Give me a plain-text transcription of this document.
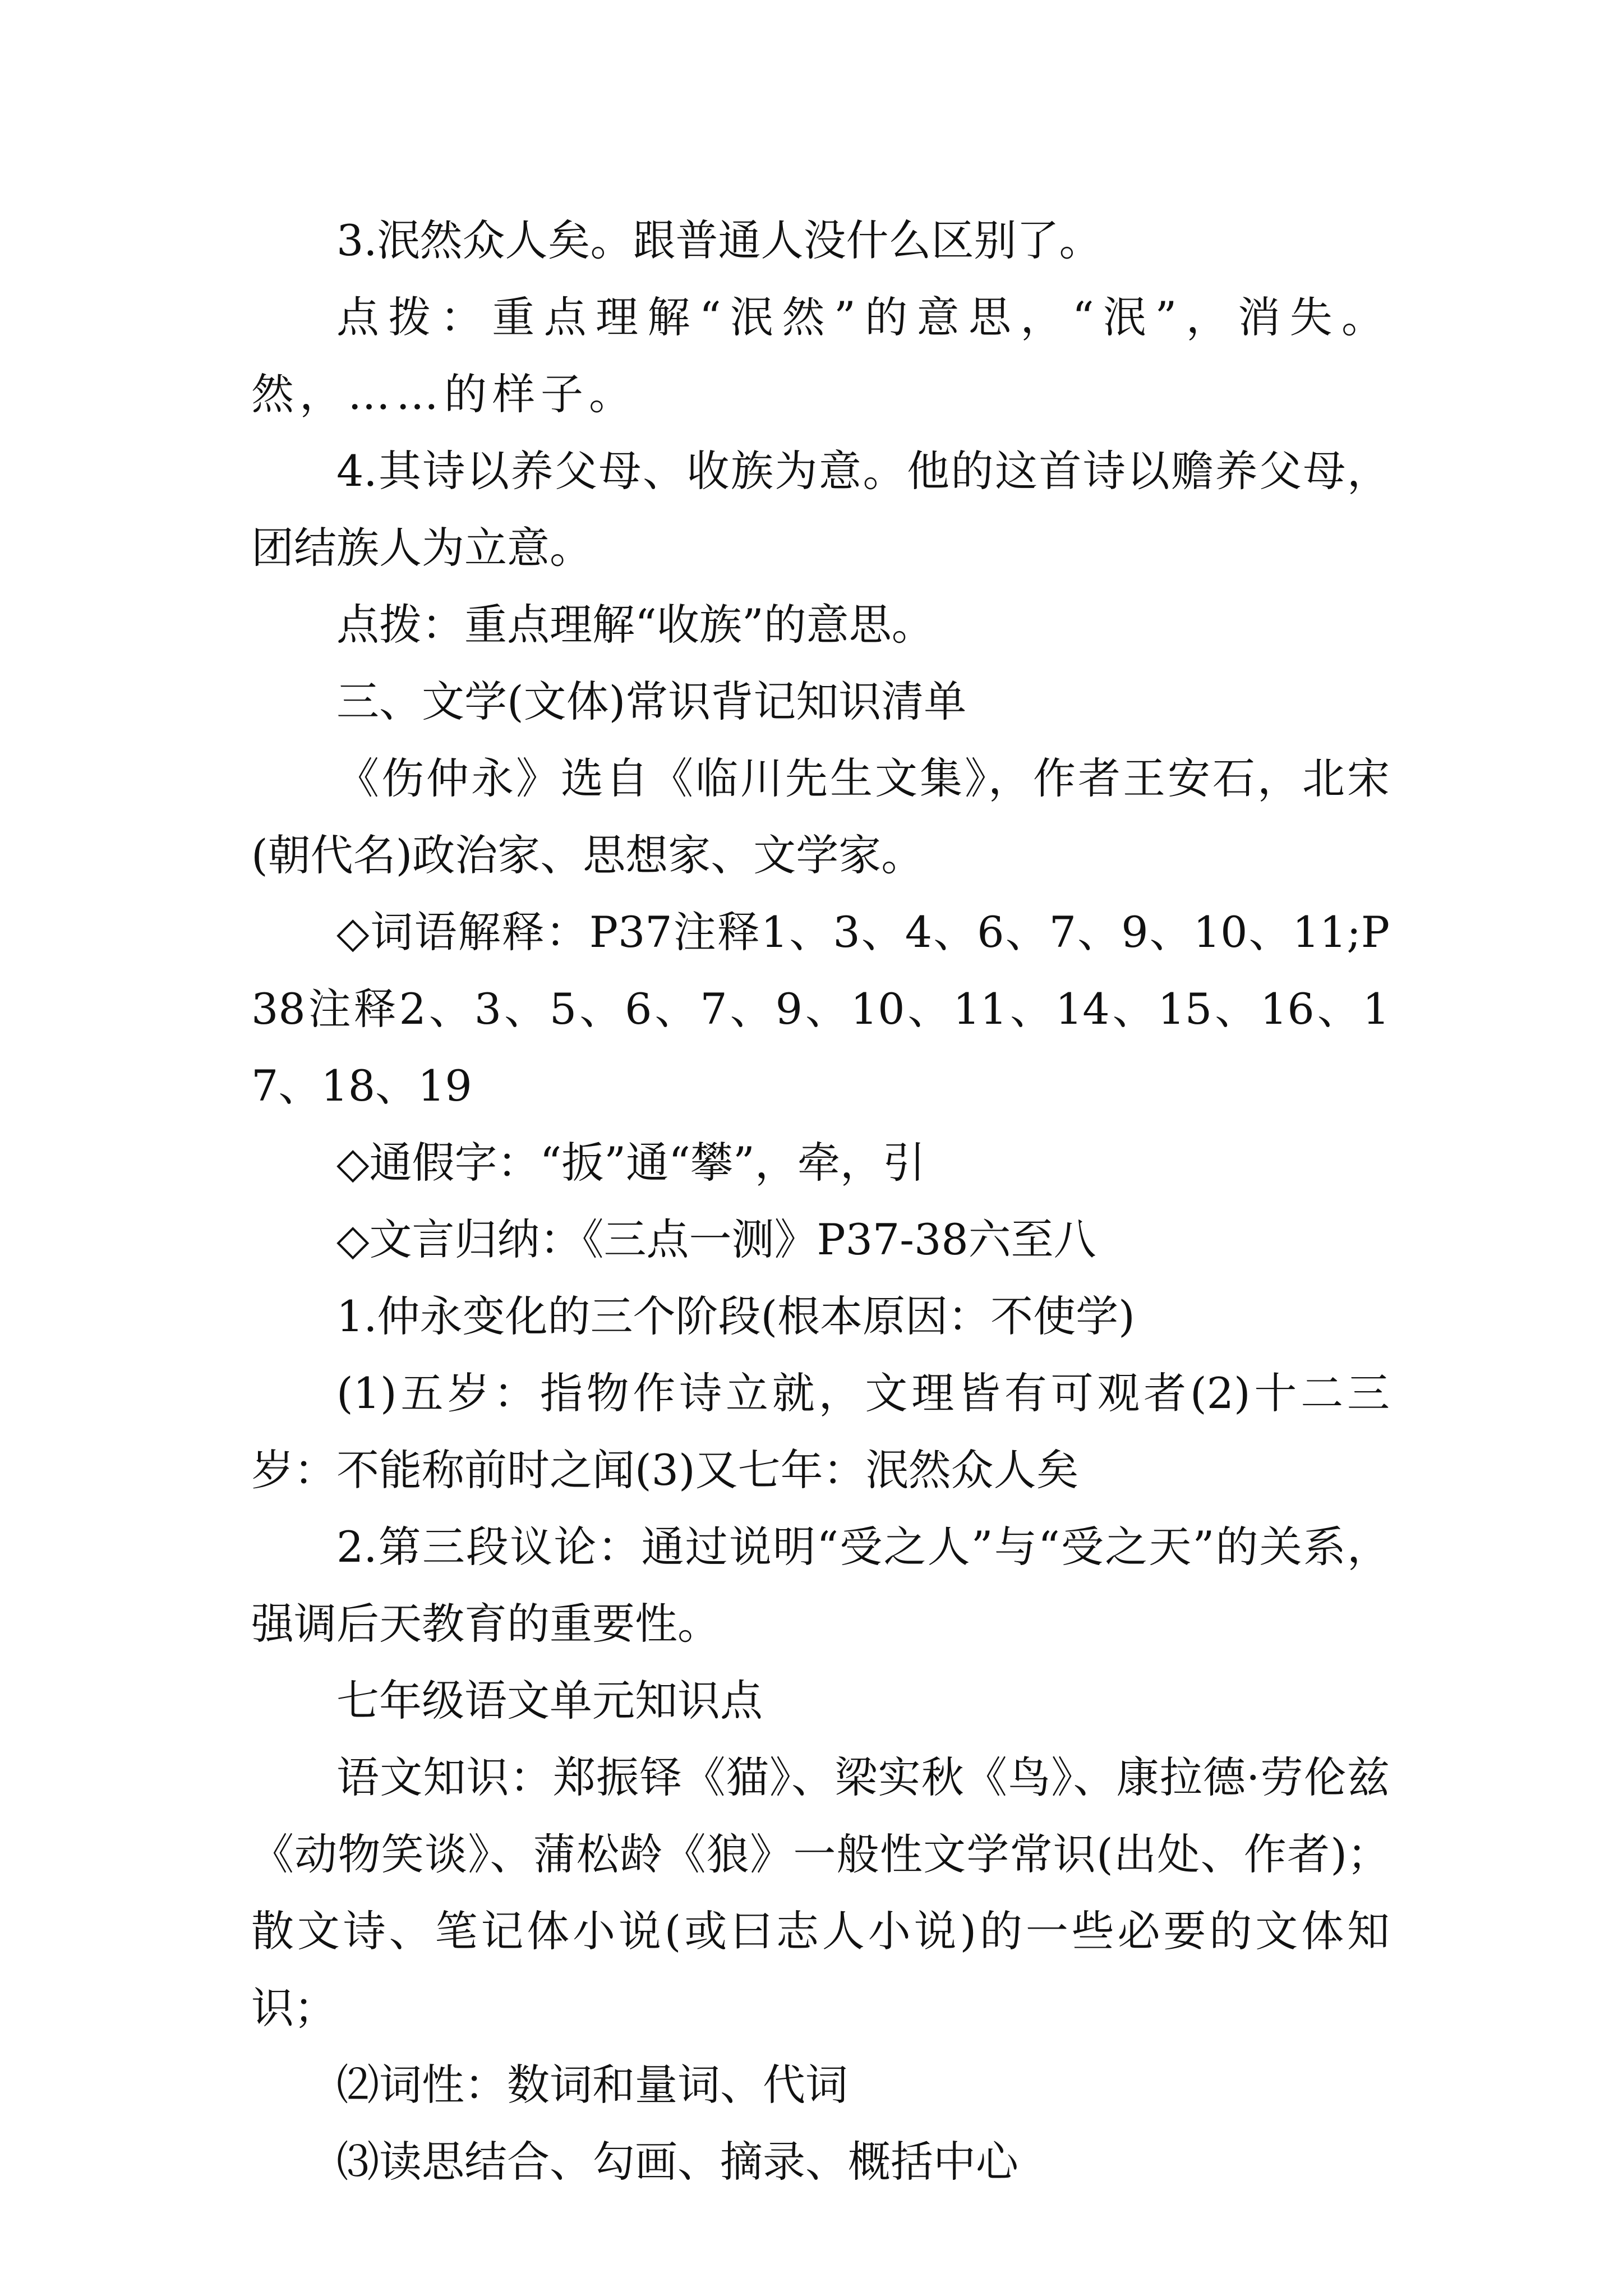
3.泯然众人矣。跟普通人没什么区别了。

点拨：重点理解“泯然”的意思，“泯”，消失。然，……的样子。

4.其诗以养父母、收族为意。他的这首诗以赡养父母，团结族人为立意。

点拨：重点理解“收族”的意思。

三、文学(文体)常识背记知识清单

《伤仲永》选自《临川先生文集》，作者王安石，北宋(朝代名)政治家、思想家、文学家。

◇词语解释：P37注释1、3、4、6、7、9、10、11;P38注释2、3、5、6、7、9、10、11、14、15、16、17、18、19

◇通假字：“扳”通“攀”，牵，引

◇文言归纳：《三点一测》P37-38六至八

1.仲永变化的三个阶段(根本原因：不使学)

(1)五岁：指物作诗立就，文理皆有可观者(2)十二三岁：不能称前时之闻(3)又七年：泯然众人矣

2.第三段议论：通过说明“受之人”与“受之天”的关系，强调后天教育的重要性。

七年级语文单元知识点

语文知识：郑振铎《猫》、梁实秋《鸟》、康拉德·劳伦兹《动物笑谈》、蒲松龄《狼》一般性文学常识(出处、作者)；散文诗、笔记体小说(或曰志人小说)的一些必要的文体知识；

⑵词性：数词和量词、代词

⑶读思结合、勾画、摘录、概括中心
